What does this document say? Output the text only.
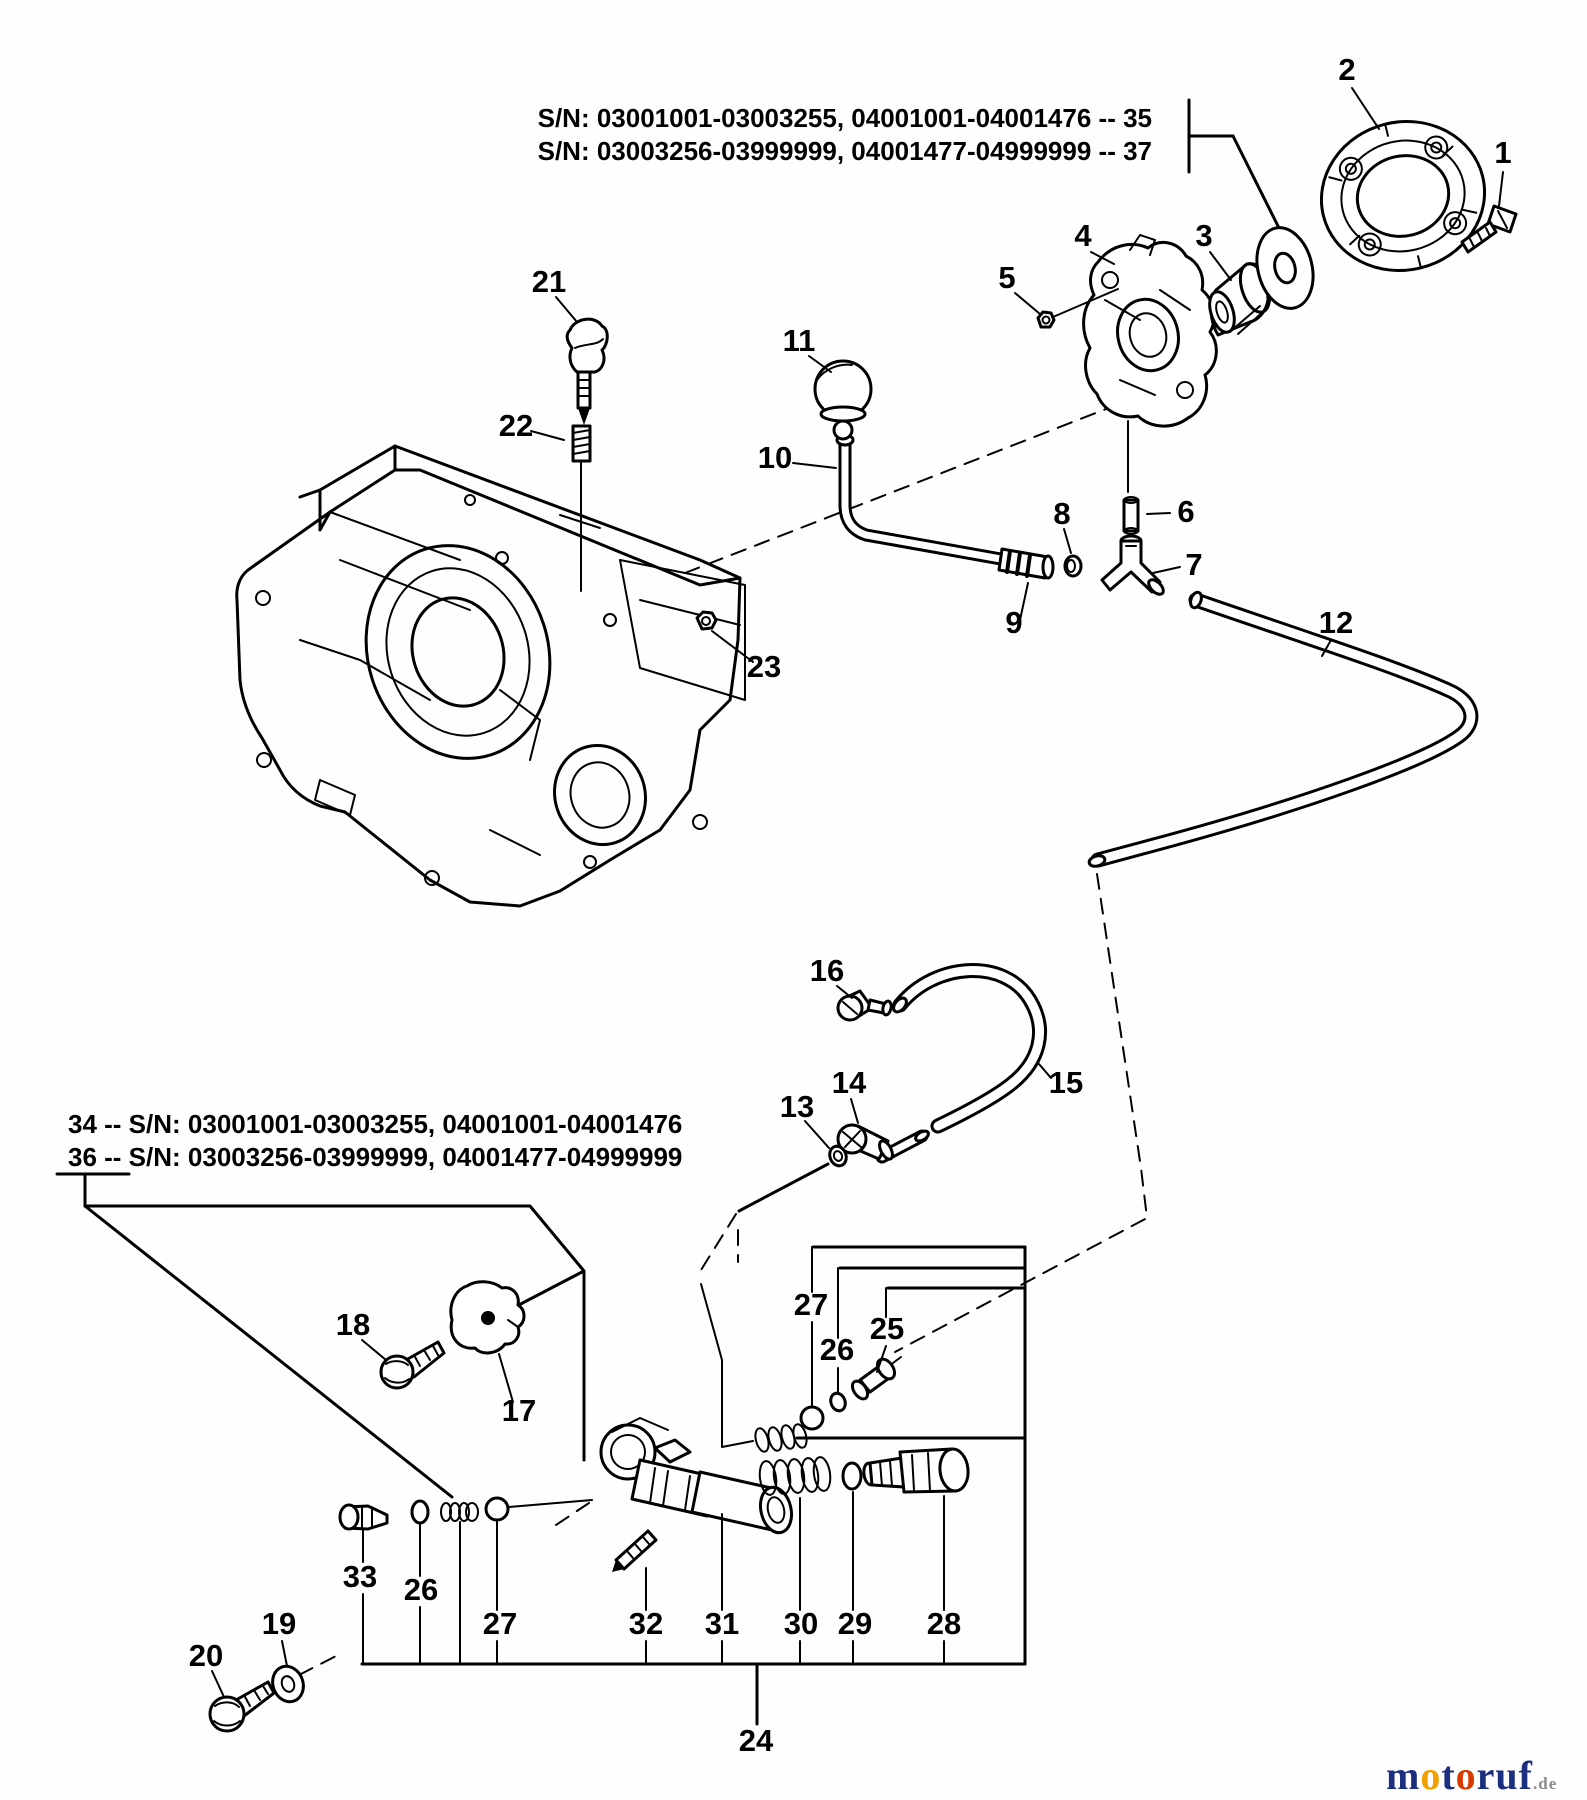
S/N: 03001001-03003255, 04001001-04001476 -- 35
S/N: 03003256-03999999, 04001477-04999999 -- 37
34 -- S/N: 03001001-03003255, 04001001-04001476
36 -- S/N: 03003256-03999999, 04001477-04999999
1
2
3
4
5
6
7
8
9
10
11
12
13
14	15
16
17
18
19
20
21
22
23
24
25
26
27
26
27	28
29
30
31
32
33
motoruf.de
